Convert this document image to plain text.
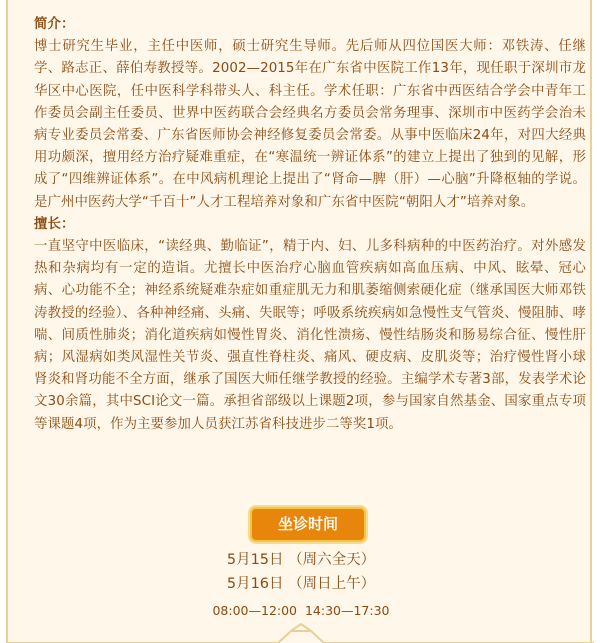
简介：

博士研究生毕业，主任中医师，硕士研究生导师。先后师从四位国医大师：邓铁涛、任继学、路志正、薛伯寿教授等。2002—2015年在广东省中医院工作13年，现任职于深圳市龙华区中心医院，任中医科学科带头人、科主任。学术任职：广东省中西医结合学会中青年工作委员会副主任委员、世界中医药联合会经典名方委员会常务理事、深圳市中医药学会治未病专业委员会常委、广东省医师协会神经修复委员会常委。从事中医临床24年，对四大经典用功颇深，擅用经方治疗疑难重症，在“寒温统一辨证体系”的建立上提出了独到的见解，形成了“四维辨证体系”。在中风病机理论上提出了“肾命—脾（肝）—心脑”升降枢轴的学说。是广州中医药大学“千百十”人才工程培养对象和广东省中医院“朝阳人才”培养对象。

擅长：

一直坚守中医临床，“读经典、勤临证”，精于内、妇、儿多科病种的中医药治疗。对外感发热和杂病均有一定的造诣。尤擅长中医治疗心脑血管疾病如高血压病、中风、眩晕、冠心病、心功能不全；神经系统疑难杂症如重症肌无力和肌萎缩侧索硬化症（继承国医大师邓铁涛教授的经验）、各种神经痛、头痛、失眠等；呼吸系统疾病如急慢性支气管炎、慢阻肺、哮喘、间质性肺炎；消化道疾病如慢性胃炎、消化性溃疡、慢性结肠炎和肠易综合征、慢性肝病；风湿病如类风湿性关节炎、强直性脊柱炎、痛风、硬皮病、皮肌炎等；治疗慢性肾小球肾炎和肾功能不全方面，继承了国医大师任继学教授的经验。主编学术专著3部，发表学术论文30余篇，其中SCI论文一篇。承担省部级以上课题2项，参与国家自然基金、国家重点专项等课题4项，作为主要参加人员获江苏省科技进步二等奖1项。

坐诊时间

5月15日 （周六全天）

5月16日 （周日上午）

08:00—12:00  14:30—17:30
